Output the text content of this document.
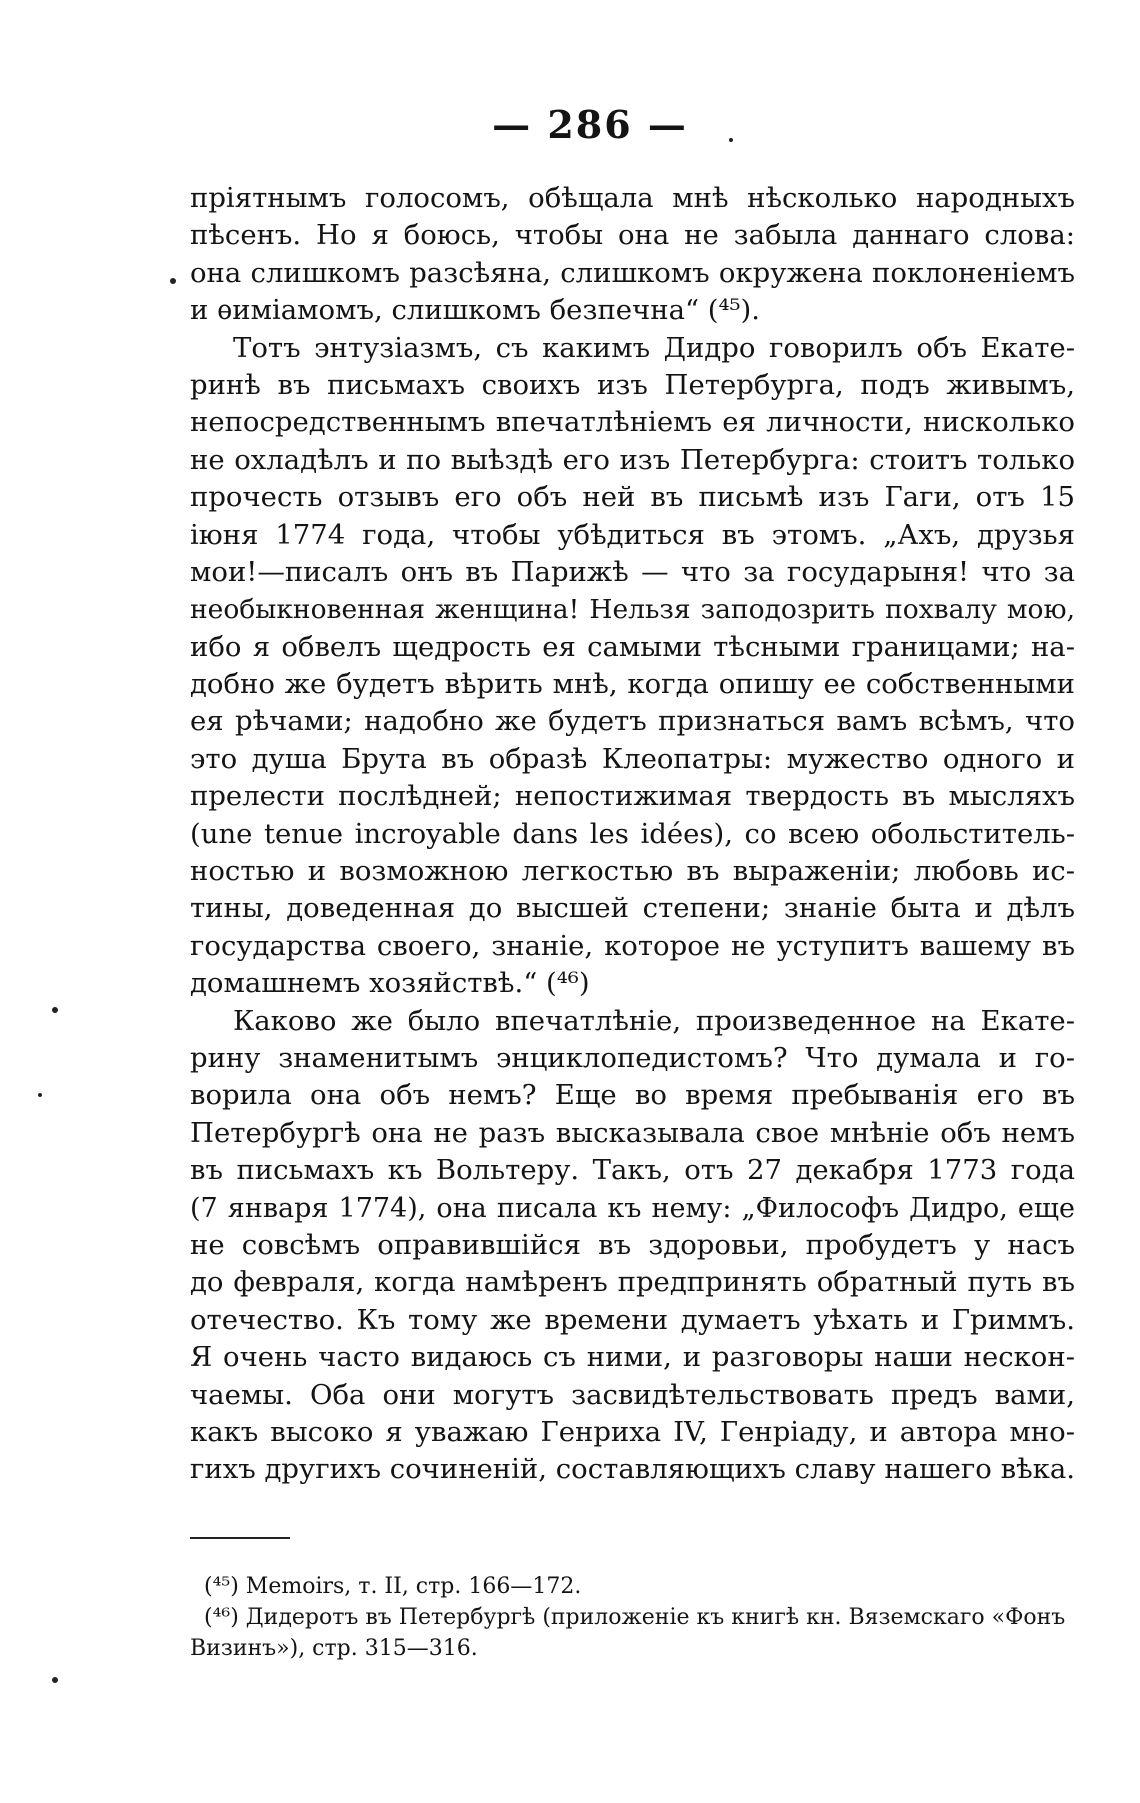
— 286 —
пріятнымъ голосомъ, обѣщала мнѣ нѣсколько народныхъ
пѣсенъ. Но я боюсь, чтобы она не забыла даннаго слова:
она слишкомъ разсѣяна, слишкомъ окружена поклоненіемъ
и ѳиміамомъ, слишкомъ безпечна“ (⁴⁵).
Тотъ энтузіазмъ, съ какимъ Дидро говорилъ объ Екате-
ринѣ въ письмахъ своихъ изъ Петербурга, подъ живымъ,
непосредственнымъ впечатлѣніемъ ея личности, нисколько
не охладѣлъ и по выѣздѣ его изъ Петербурга: стоитъ только
прочесть отзывъ его объ ней въ письмѣ изъ Гаги, отъ 15
іюня 1774 года, чтобы убѣдиться въ этомъ. „Ахъ, друзья
мои!—писалъ онъ въ Парижѣ — что за государыня! что за
необыкновенная женщина! Нельзя заподозрить похвалу мою,
ибо я обвелъ щедрость ея самыми тѣсными границами; на-
добно же будетъ вѣрить мнѣ, когда опишу ее собственными
ея рѣчами; надобно же будетъ признаться вамъ всѣмъ, что
это душа Брута въ образѣ Клеопатры: мужество одного и
прелести послѣдней; непостижимая твердость въ мысляхъ
(une tenue incroyable dans les idées), со всею обольститель-
ностью и возможною легкостью въ выраженіи; любовь ис-
тины, доведенная до высшей степени; знаніе быта и дѣлъ
государства своего, знаніе, которое не уступитъ вашему въ
домашнемъ хозяйствѣ.“ (⁴⁶)
Каково же было впечатлѣніе, произведенное на Екате-
рину знаменитымъ энциклопедистомъ? Что думала и го-
ворила она объ немъ? Еще во время пребыванія его въ
Петербургѣ она не разъ высказывала свое мнѣніе объ немъ
въ письмахъ къ Вольтеру. Такъ, отъ 27 декабря 1773 года
(7 января 1774), она писала къ нему: „Философъ Дидро, еще
не совсѣмъ оправившійся въ здоровьи, пробудетъ у насъ
до февраля, когда намѣренъ предпринять обратный путь въ
отечество. Къ тому же времени думаетъ уѣхать и Гриммъ.
Я очень часто видаюсь съ ними, и разговоры наши нескон-
чаемы. Оба они могутъ засвидѣтельствовать предъ вами,
какъ высоко я уважаю Генриха IV, Генріаду, и автора мно-
гихъ другихъ сочиненій, составляющихъ славу нашего вѣка.
(⁴⁵) Memoirs, т. II, стр. 166—172.
(⁴⁶) Дидеротъ въ Петербургѣ (приложеніе къ книгѣ кн. Вяземскаго «Фонъ
Визинъ»), стр. 315—316.
